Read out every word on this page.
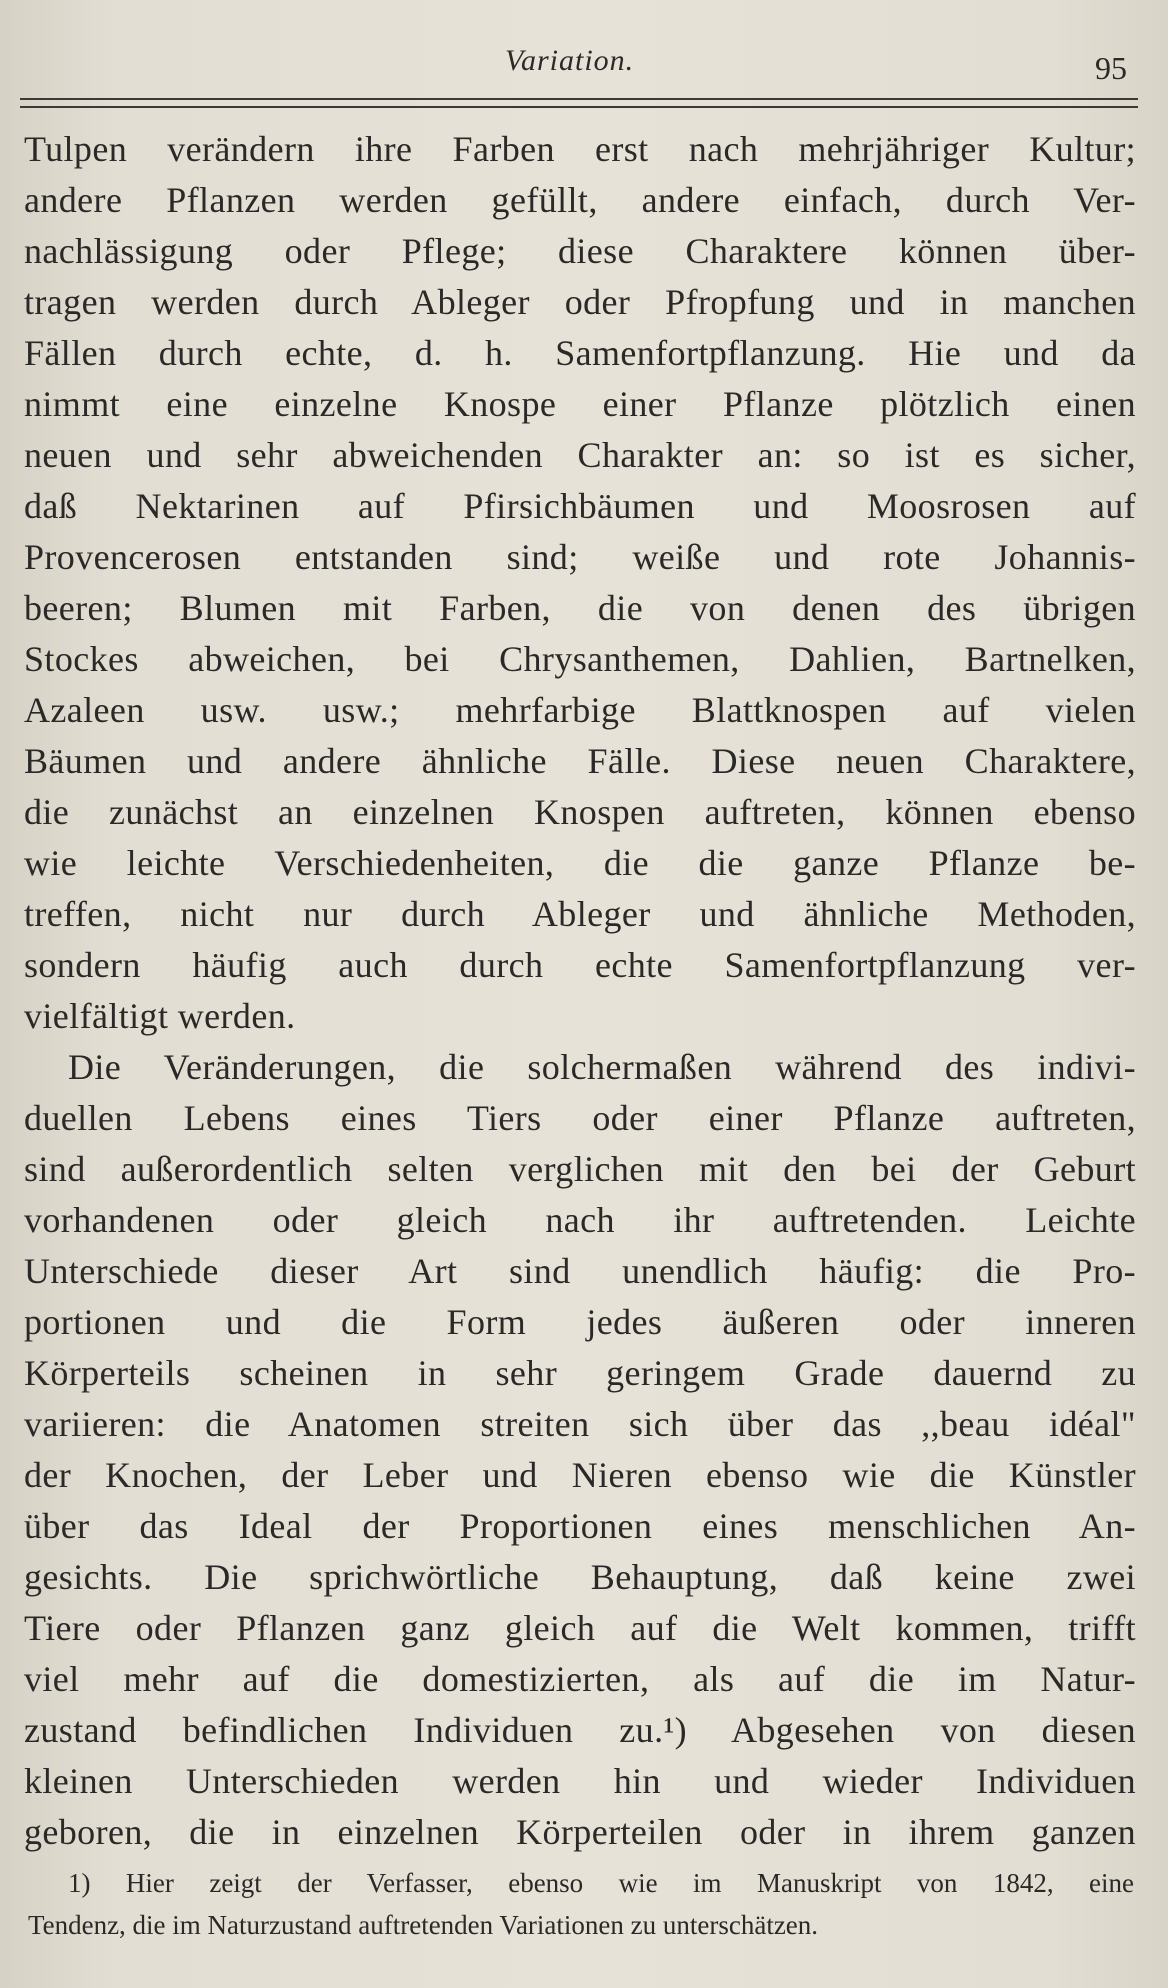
Variation.	95
Tulpen verändern ihre Farben erst nach mehrjähriger Kultur;
andere Pflanzen werden gefüllt, andere einfach, durch Ver-
nachlässigung oder Pflege; diese Charaktere können über-
tragen werden durch Ableger oder Pfropfung und in manchen
Fällen durch echte, d. h. Samenfortpflanzung. Hie und da
nimmt eine einzelne Knospe einer Pflanze plötzlich einen
neuen und sehr abweichenden Charakter an: so ist es sicher,
daß Nektarinen auf Pfirsichbäumen und Moosrosen auf
Provencerosen entstanden sind; weiße und rote Johannis-
beeren; Blumen mit Farben, die von denen des übrigen
Stockes abweichen, bei Chrysanthemen, Dahlien, Bartnelken,
Azaleen usw. usw.; mehrfarbige Blattknospen auf vielen
Bäumen und andere ähnliche Fälle. Diese neuen Charaktere,
die zunächst an einzelnen Knospen auftreten, können ebenso
wie leichte Verschiedenheiten, die die ganze Pflanze be-
treffen, nicht nur durch Ableger und ähnliche Methoden,
sondern häufig auch durch echte Samenfortpflanzung ver-
vielfältigt werden.
Die Veränderungen, die solchermaßen während des indivi-
duellen Lebens eines Tiers oder einer Pflanze auftreten,
sind außerordentlich selten verglichen mit den bei der Geburt
vorhandenen oder gleich nach ihr auftretenden. Leichte
Unterschiede dieser Art sind unendlich häufig: die Pro-
portionen und die Form jedes äußeren oder inneren
Körperteils scheinen in sehr geringem Grade dauernd zu
variieren: die Anatomen streiten sich über das ,,beau idéal"
der Knochen, der Leber und Nieren ebenso wie die Künstler
über das Ideal der Proportionen eines menschlichen An-
gesichts. Die sprichwörtliche Behauptung, daß keine zwei
Tiere oder Pflanzen ganz gleich auf die Welt kommen, trifft
viel mehr auf die domestizierten, als auf die im Natur-
zustand befindlichen Individuen zu.¹) Abgesehen von diesen
kleinen Unterschieden werden hin und wieder Individuen
geboren, die in einzelnen Körperteilen oder in ihrem ganzen
1) Hier zeigt der Verfasser, ebenso wie im Manuskript von 1842, eine
Tendenz, die im Naturzustand auftretenden Variationen zu unterschätzen.
